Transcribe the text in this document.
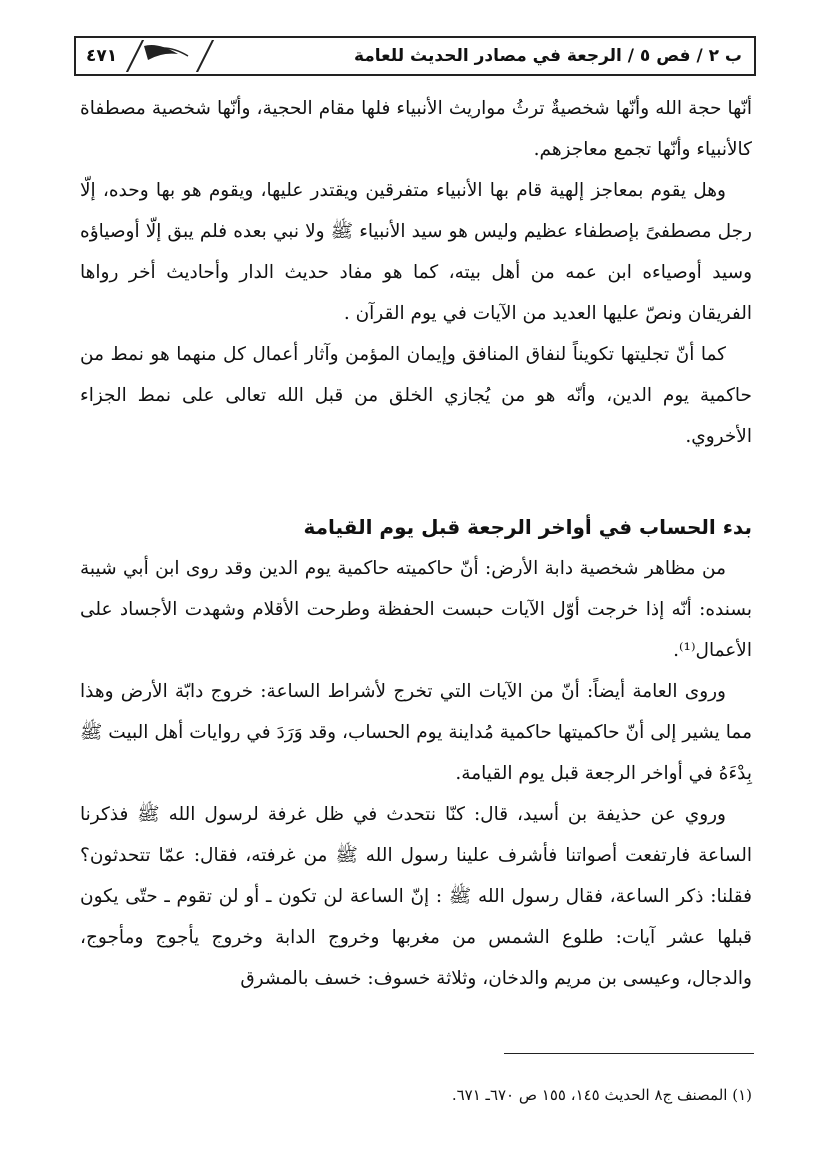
ب ٢ / فص ٥ / الرجعة في مصادر الحديث للعامة
٤٧١

أنّها حجة الله وأنّها شخصيةٌ ترثُ مواريث الأنبياء فلها مقام الحجية، وأنّها شخصية مصطفاة كالأنبياء وأنّها تجمع معاجزهم.

وهل يقوم بمعاجز إلهية قام بها الأنبياء متفرقين ويقتدر عليها، ويقوم هو بها وحده، إلّا رجل مصطفىً بإصطفاء عظيم وليس هو سيد الأنبياء ﷺ ولا نبي بعده فلم يبق إلّا أوصياؤه وسيد أوصياءه ابن عمه من أهل بيته، كما هو مفاد حديث الدار وأحاديث أخر رواها الفريقان ونصّ عليها العديد من الآيات في يوم القرآن .

كما أنّ تجليتها تكويناً لنفاق المنافق وإيمان المؤمن وآثار أعمال كل منهما هو نمط من حاكمية يوم الدين، وأنّه هو من يُجازي الخلق من قبل الله تعالى على نمط الجزاء الأخروي.

بدء الحساب في أواخر الرجعة قبل يوم القيامة

من مظاهر شخصية دابة الأرض: أنّ حاكميته حاكمية يوم الدين وقد روى ابن أبي شيبة بسنده: أنّه إذا خرجت أوّل الآيات حبست الحفظة وطرحت الأقلام وشهدت الأجساد على الأعمال⁽¹⁾.

وروى العامة أيضاً: أنّ من الآيات التي تخرج لأشراط الساعة: خروج دابّة الأرض وهذا مما يشير إلى أنّ حاكميتها حاكمية مُداينة يوم الحساب، وقد وَرَدَ في روايات أهل البيت ﷺ بِدْءَهُ في أواخر الرجعة قبل يوم القيامة.

وروي عن حذيفة بن أسيد، قال: كنّا نتحدث في ظل غرفة لرسول الله ﷺ فذكرنا الساعة فارتفعت أصواتنا فأشرف علينا رسول الله ﷺ من غرفته، فقال: عمّا تتحدثون؟ فقلنا: ذكر الساعة، فقال رسول الله ﷺ : إنّ الساعة لن تكون ـ أو لن تقوم ـ حتّى يكون قبلها عشر آيات: طلوع الشمس من مغربها وخروج الدابة وخروج يأجوج ومأجوج، والدجال، وعيسى بن مريم والدخان، وثلاثة خسوف: خسف بالمشرق

(١) المصنف ج٨ الحديث ١٤٥، ١٥٥ ص ٦٧٠ـ ٦٧١.
